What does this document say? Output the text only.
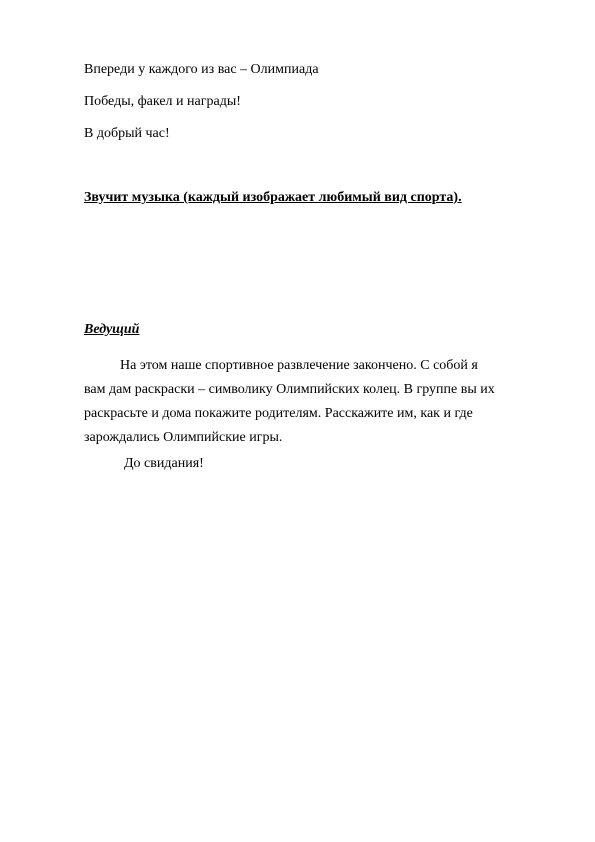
Впереди у каждого из вас – Олимпиада

Победы, факел и награды!

В добрый час!

Звучит музыка (каждый изображает любимый вид спорта).

Ведущий

На этом наше спортивное развлечение закончено. С собой я
вам дам раскраски – символику Олимпийских колец. В группе вы их
раскрасьте и дома покажите родителям. Расскажите им, как и где
зарождались Олимпийские игры.

До свидания!
